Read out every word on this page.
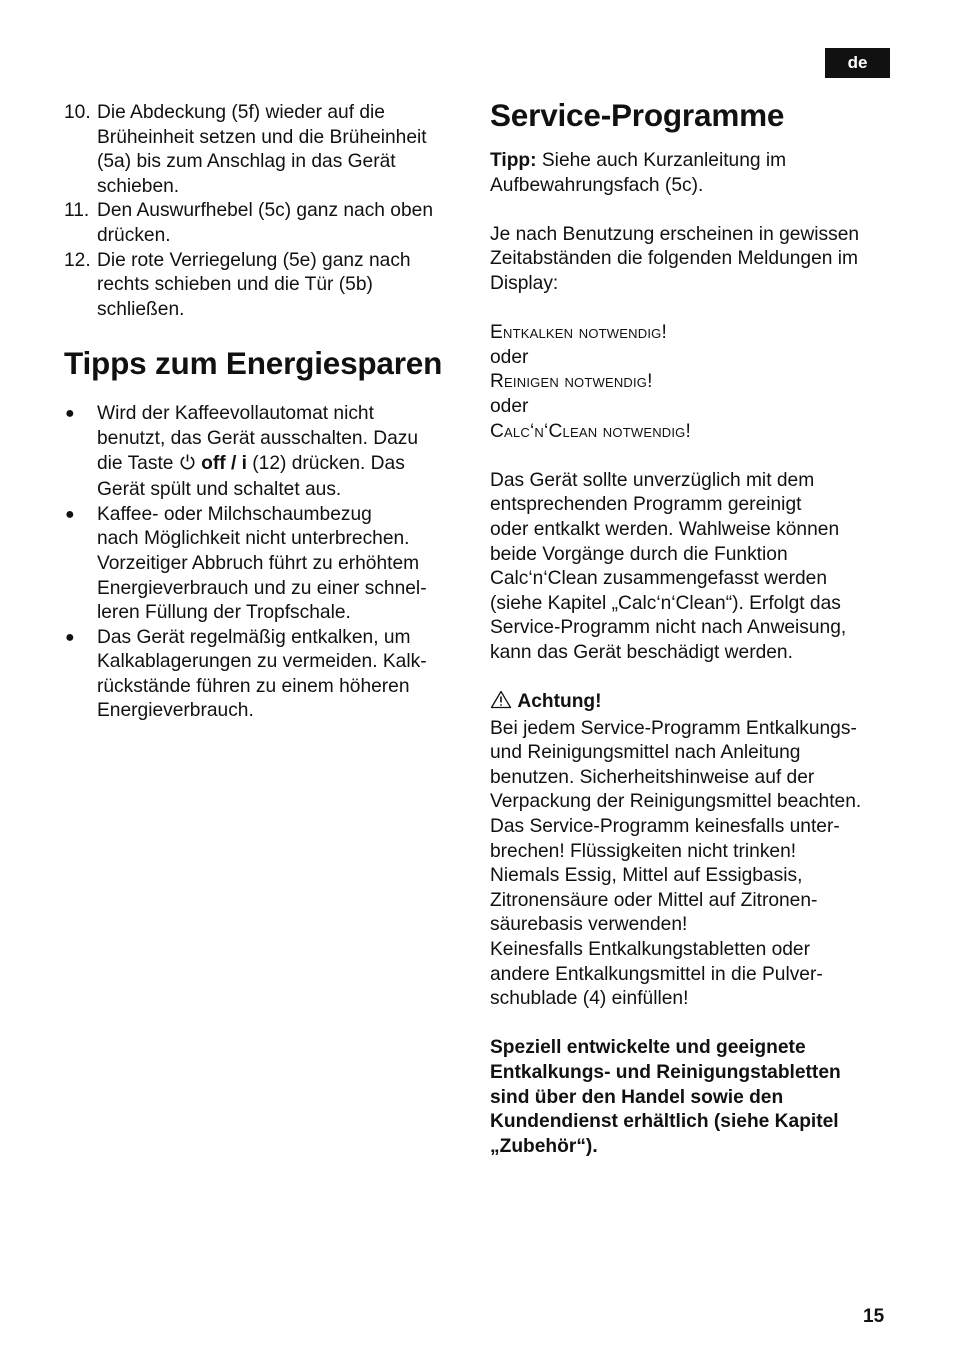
de
10. Die Abdeckung (5f) wieder auf die
Brüheinheit setzen und die Brüheinheit
(5a) bis zum Anschlag in das Gerät
schieben.
11. Den Auswurfhebel (5c) ganz nach oben
drücken.
12. Die rote Verriegelung (5e) ganz nach
rechts schieben und die Tür (5b)
schließen.
Tipps zum Energiesparen
● Wird der Kaffeevollautomat nicht
benutzt, das Gerät ausschalten. Dazu
die Taste  off / i (12) drücken. Das
Gerät spült und schaltet aus.
● Kaffee- oder Milchschaumbezug
nach Möglichkeit nicht unterbrechen.
Vorzeitiger Abbruch führt zu erhöhtem
Energieverbrauch und zu einer schnel-
leren Füllung der Tropfschale.
● Das Gerät regelmäßig entkalken, um
Kalkablagerungen zu vermeiden. Kalk-
rückstände führen zu einem höheren
Energieverbrauch.
Service-Programme
Tipp: Siehe auch Kurzanleitung im
Aufbewahrungsfach (5c).
Je nach Benutzung erscheinen in gewissen
Zeitabständen die folgenden Meldungen im
Display:
Entkalken notwendig!
oder
Reinigen notwendig!
oder
Calc‘n‘Clean notwendig!
Das Gerät sollte unverzüglich mit dem
entsprechenden Programm gereinigt
oder entkalkt werden. Wahlweise können
beide Vorgänge durch die Funktion
Calc‘n‘Clean zusammengefasst werden
(siehe Kapitel „Calc‘n‘Clean“). Erfolgt das
Service-Programm nicht nach Anweisung,
kann das Gerät beschädigt werden.
Achtung!
Bei jedem Service-Programm Entkalkungs-
und Reinigungsmittel nach Anleitung
benutzen. Sicherheitshinweise auf der
Verpackung der Reinigungsmittel beachten.
Das Service-Programm keinesfalls unter-
brechen! Flüssigkeiten nicht trinken!
Niemals Essig, Mittel auf Essigbasis,
Zitronensäure oder Mittel auf Zitronen-
säurebasis verwenden!
Keinesfalls Entkalkungstabletten oder
andere Entkalkungsmittel in die Pulver-
schublade (4) einfüllen!
Speziell entwickelte und geeignete
Entkalkungs- und Reinigungstabletten
sind über den Handel sowie den
Kundendienst erhältlich (siehe Kapitel
„Zubehör“).
15
